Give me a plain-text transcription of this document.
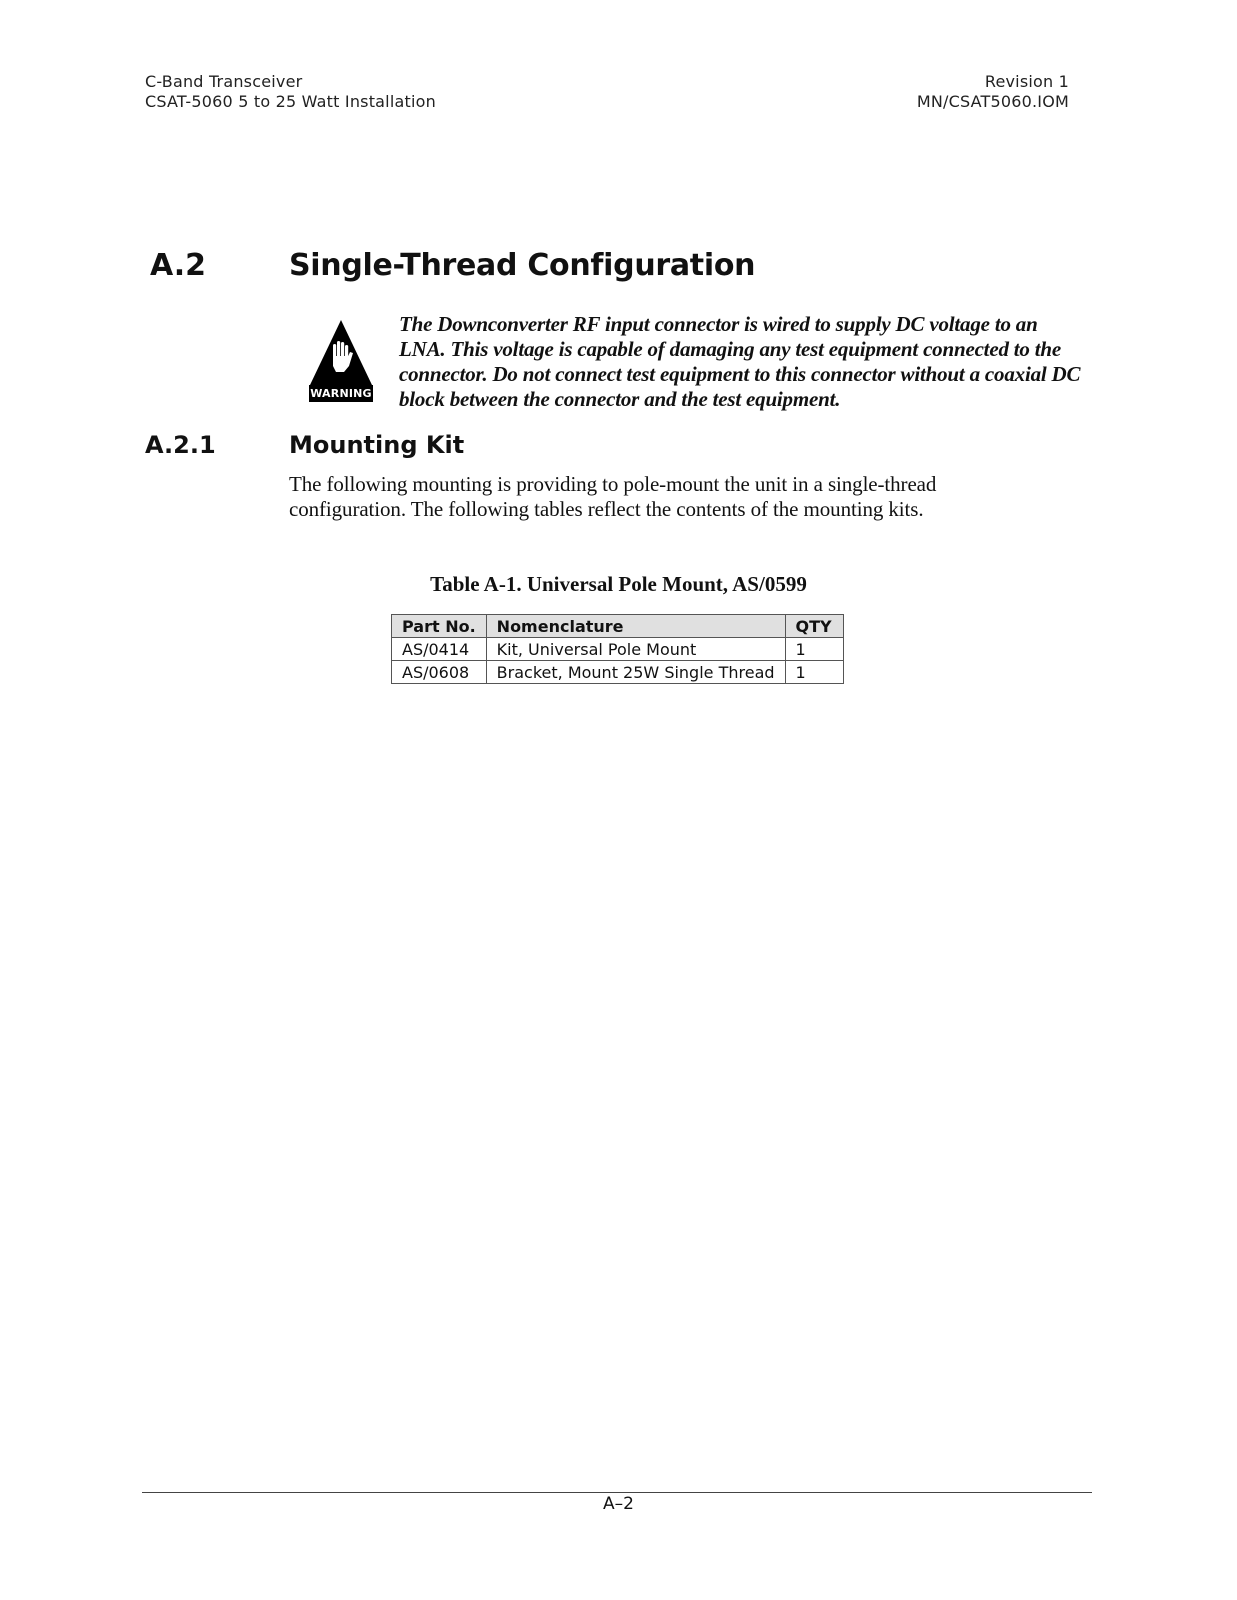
C-Band Transceiver
CSAT-5060 5 to 25 Watt Installation
Revision 1
MN/CSAT5060.IOM
A.2	Single-Thread Configuration
WARNING
The Downconverter RF input connector is wired to supply DC voltage to an LNA. This voltage is capable of damaging any test equipment connected to the connector. Do not connect test equipment to this connector without a coaxial DC block between the connector and the test equipment.
A.2.1	Mounting Kit
The following mounting is providing to pole-mount the unit in a single-thread configuration. The following tables reflect the contents of the mounting kits.
Table A-1. Universal Pole Mount, AS/0599
Part No.	Nomenclature	QTY
AS/0414	Kit, Universal Pole Mount	1
AS/0608	Bracket, Mount 25W Single Thread	1
A–2
